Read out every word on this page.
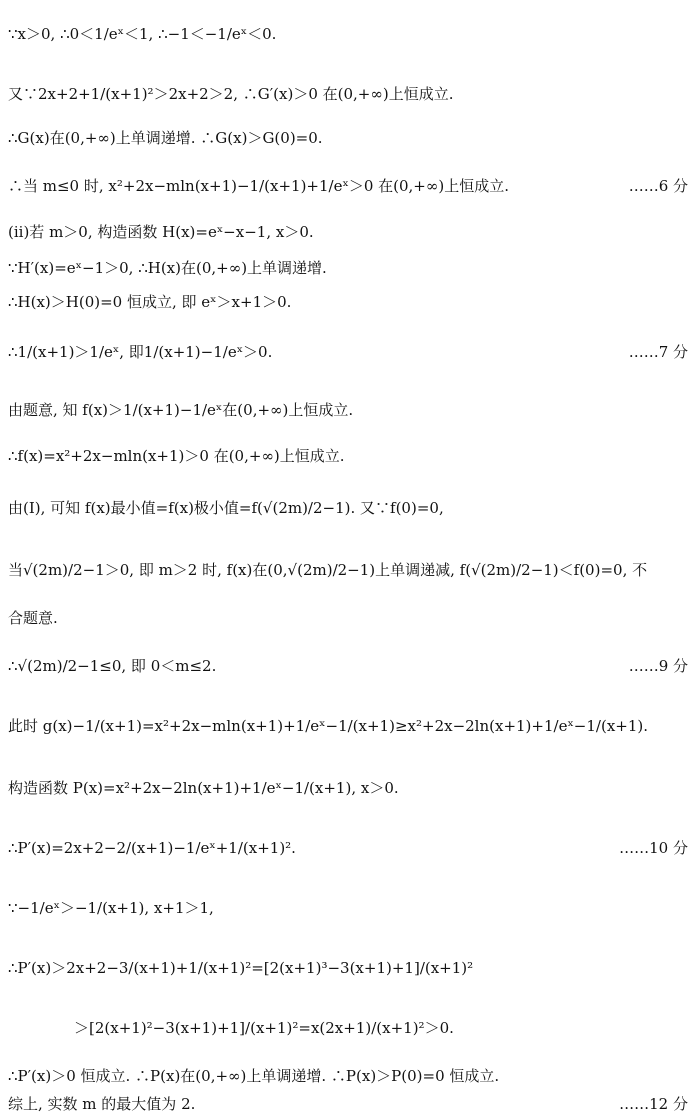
∵x＞0, ∴0＜1/eˣ＜1, ∴−1＜−1/eˣ＜0.
又∵2x+2+1/(x+1)²＞2x+2＞2, ∴G′(x)＞0 在(0,+∞)上恒成立.
∴G(x)在(0,+∞)上单调递增. ∴G(x)＞G(0)=0.
∴当 m≤0 时, x²+2x−mln(x+1)−1/(x+1)+1/eˣ＞0 在(0,+∞)上恒成立.	……6 分
(ii)若 m＞0, 构造函数 H(x)=eˣ−x−1, x＞0.
∵H′(x)=eˣ−1＞0, ∴H(x)在(0,+∞)上单调递增.
∴H(x)＞H(0)=0 恒成立, 即 eˣ＞x+1＞0.
∴1/(x+1)＞1/eˣ, 即1/(x+1)−1/eˣ＞0.	……7 分
由题意, 知 f(x)＞1/(x+1)−1/eˣ在(0,+∞)上恒成立.
∴f(x)=x²+2x−mln(x+1)＞0 在(0,+∞)上恒成立.
由(Ⅰ), 可知 f(x)最小值=f(x)极小值=f(√(2m)/2−1). 又∵f(0)=0,
当√(2m)/2−1＞0, 即 m＞2 时, f(x)在(0,√(2m)/2−1)上单调递减, f(√(2m)/2−1)＜f(0)=0, 不
合题意.
∴√(2m)/2−1≤0, 即 0＜m≤2.	……9 分
此时 g(x)−1/(x+1)=x²+2x−mln(x+1)+1/eˣ−1/(x+1)≥x²+2x−2ln(x+1)+1/eˣ−1/(x+1).
构造函数 P(x)=x²+2x−2ln(x+1)+1/eˣ−1/(x+1), x＞0.
∴P′(x)=2x+2−2/(x+1)−1/eˣ+1/(x+1)².	……10 分
∵−1/eˣ＞−1/(x+1), x+1＞1,
∴P′(x)＞2x+2−3/(x+1)+1/(x+1)²=[2(x+1)³−3(x+1)+1]/(x+1)²
＞[2(x+1)²−3(x+1)+1]/(x+1)²=x(2x+1)/(x+1)²＞0.
∴P′(x)＞0 恒成立. ∴P(x)在(0,+∞)上单调递增. ∴P(x)＞P(0)=0 恒成立.
综上, 实数 m 的最大值为 2.	……12 分
